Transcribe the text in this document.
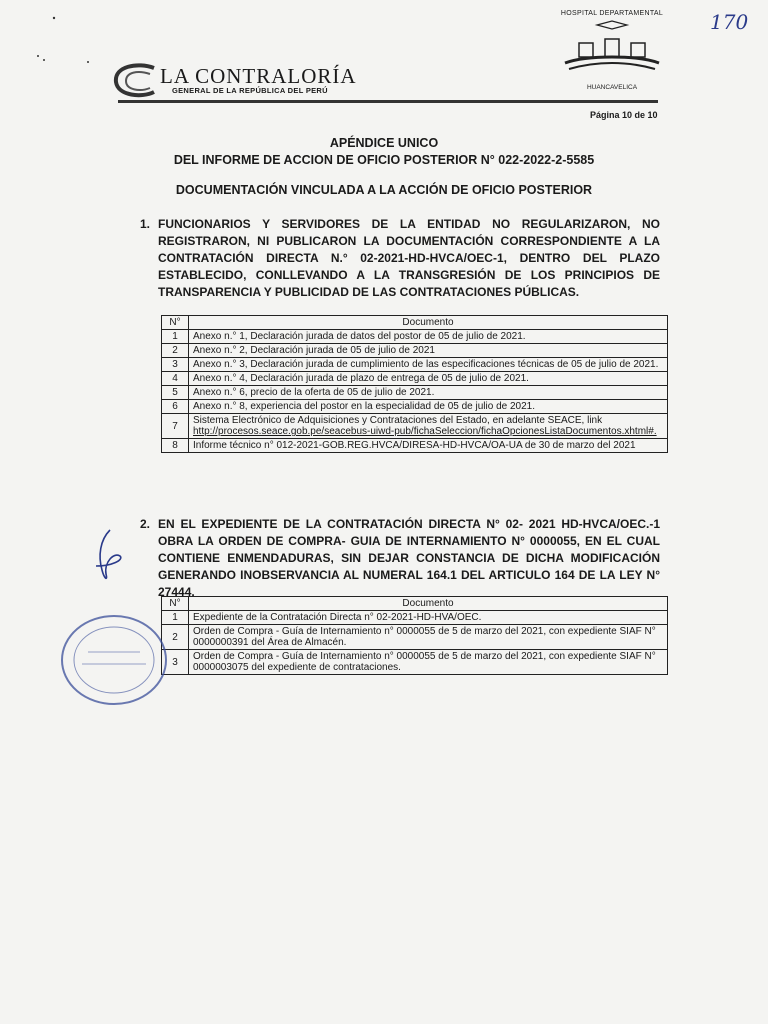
LA CONTRALORÍA
GENERAL DE LA REPÚBLICA DEL PERÚ
HOSPITAL DEPARTAMENTAL
HUANCAVELICA
170
Página 10 de 10
APÉNDICE UNICO
DEL INFORME DE ACCION DE OFICIO POSTERIOR N° 022-2022-2-5585
DOCUMENTACIÓN VINCULADA A LA ACCIÓN DE OFICIO POSTERIOR
1. FUNCIONARIOS Y SERVIDORES DE LA ENTIDAD NO REGULARIZARON, NO REGISTRARON, NI PUBLICARON LA DOCUMENTACIÓN CORRESPONDIENTE A LA CONTRATACIÓN DIRECTA N.° 02-2021-HD-HVCA/OEC-1, DENTRO DEL PLAZO ESTABLECIDO, CONLLEVANDO A LA TRANSGRESIÓN DE LOS PRINCIPIOS DE TRANSPARENCIA Y PUBLICIDAD DE LAS CONTRATACIONES PÚBLICAS.
N°	Documento
1	Anexo n.° 1, Declaración jurada de datos del postor de 05 de julio de 2021.
2	Anexo n.° 2, Declaración jurada de 05 de julio de 2021
3	Anexo n.° 3, Declaración jurada de cumplimiento de las especificaciones técnicas de 05 de julio de 2021.
4	Anexo n.° 4, Declaración jurada de plazo de entrega de 05 de julio de 2021.
5	Anexo n.° 6, precio de la oferta de 05 de julio de 2021.
6	Anexo n.° 8, experiencia del postor en la especialidad de 05 de julio de 2021.
7	Sistema Electrónico de Adquisiciones y Contrataciones del Estado, en adelante SEACE, link
http://procesos.seace.gob.pe/seacebus-uiwd-pub/fichaSeleccion/fichaOpcionesListaDocumentos.xhtml#.

8	Informe técnico n° 012-2021-GOB.REG.HVCA/DIRESA-HD-HVCA/OA-UA de 30 de marzo del 2021
2. EN EL EXPEDIENTE DE LA CONTRATACIÓN DIRECTA N° 02- 2021 HD-HVCA/OEC.-1 OBRA LA ORDEN DE COMPRA- GUIA DE INTERNAMIENTO N° 0000055, EN EL CUAL CONTIENE ENMENDADURAS, SIN DEJAR CONSTANCIA DE DICHA MODIFICACIÓN GENERANDO INOBSERVANCIA AL NUMERAL 164.1 DEL ARTICULO 164 DE LA LEY N° 27444.
N°	Documento
1	Expediente de la Contratación Directa n° 02-2021-HD-HVA/OEC.
2	Orden de Compra - Guía de Internamiento n° 0000055 de 5 de marzo del 2021, con expediente SIAF N° 0000000391 del Área de Almacén.
3	Orden de Compra - Guía de Internamiento n° 0000055 de 5 de marzo del 2021, con expediente SIAF N° 0000003075 del expediente de contrataciones.
